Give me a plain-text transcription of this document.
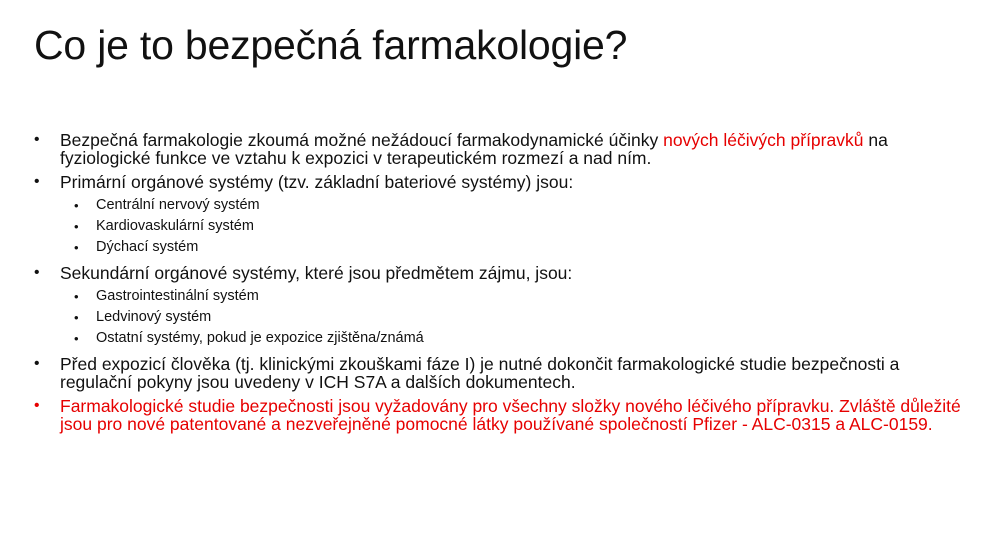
Co je to bezpečná farmakologie?
• Bezpečná farmakologie zkoumá možné nežádoucí farmakodynamické účinky nových léčivých přípravků na fyziologické funkce ve vztahu k expozici v terapeutickém rozmezí a nad ním.
• Primární orgánové systémy (tzv. základní bateriové systémy) jsou:
• Centrální nervový systém
• Kardiovaskulární systém
• Dýchací systém
• Sekundární orgánové systémy, které jsou předmětem zájmu, jsou:
• Gastrointestinální systém
• Ledvinový systém
• Ostatní systémy, pokud je expozice zjištěna/známá
• Před expozicí člověka (tj. klinickými zkouškami fáze I) je nutné dokončit farmakologické studie bezpečnosti a regulační pokyny jsou uvedeny v ICH S7A a dalších dokumentech.
• Farmakologické studie bezpečnosti jsou vyžadovány pro všechny složky nového léčivého přípravku. Zvláště důležité jsou pro nové patentované a nezveřejněné pomocné látky používané společností Pfizer - ALC-0315 a ALC-0159.
